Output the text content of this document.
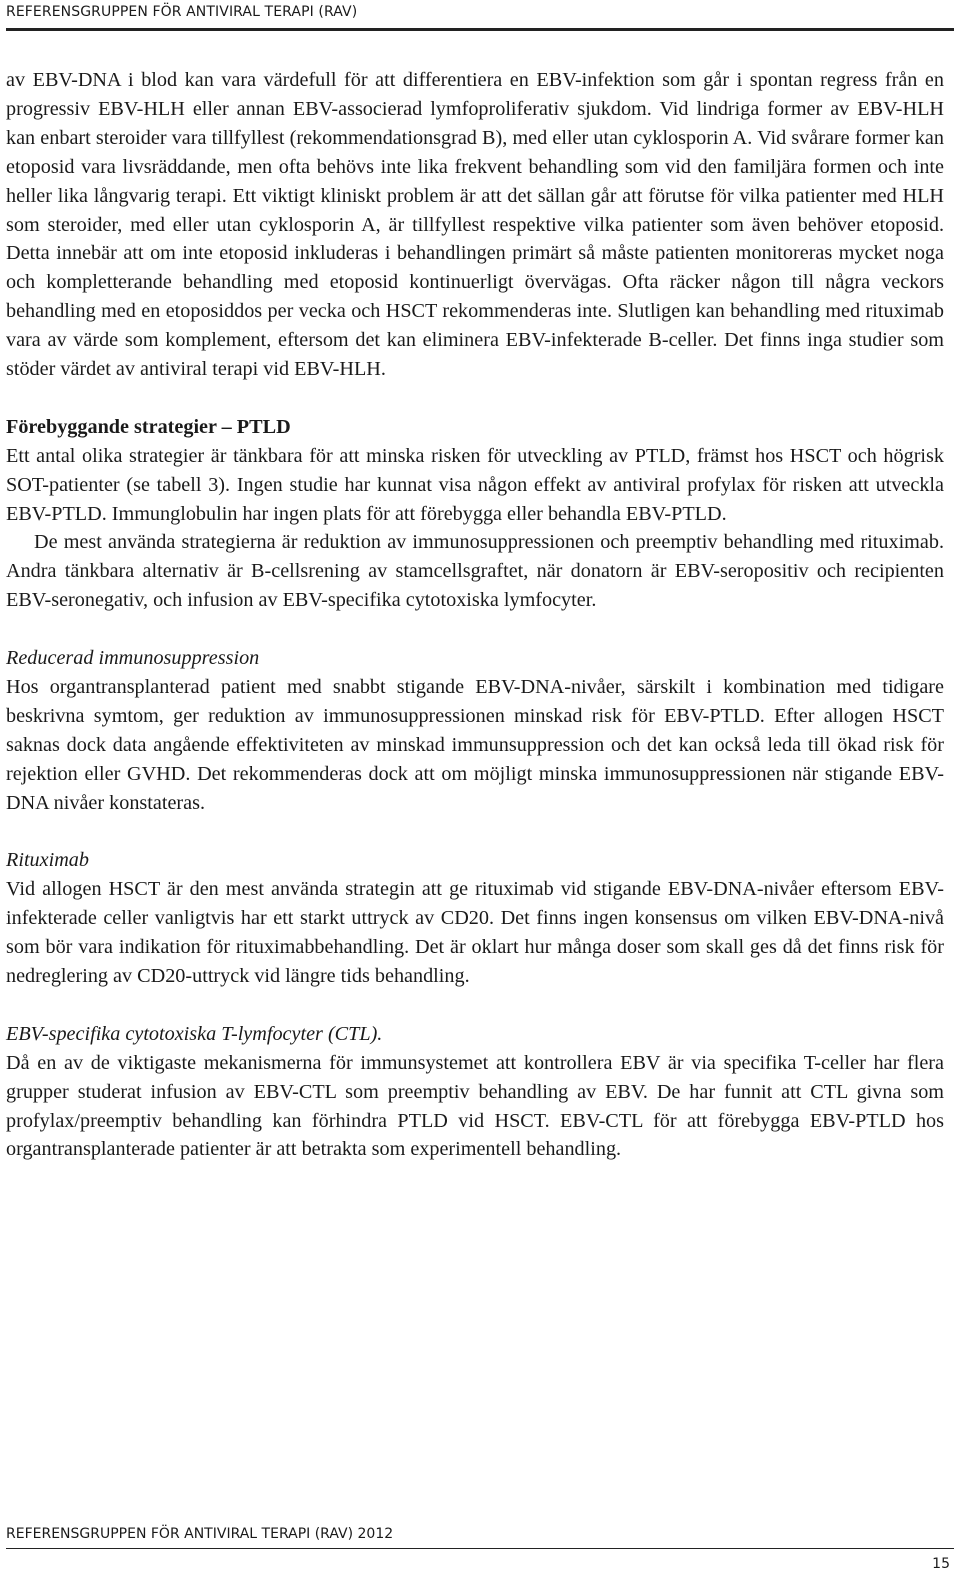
REFERENSGRUPPEN FÖR ANTIVIRAL TERAPI (RAV)

av EBV-DNA i blod kan vara värdefull för att differentiera en EBV-infektion som går i spontan regress från en progressiv EBV-HLH eller annan EBV-associerad lymfoproliferativ sjukdom. Vid lindriga former av EBV-HLH kan enbart steroider vara tillfyllest (rekommendationsgrad B), med eller utan cyklosporin A. Vid svårare former kan etoposid vara livsräddande, men ofta behövs inte lika frekvent behandling som vid den familjära formen och inte heller lika långvarig terapi. Ett viktigt kliniskt problem är att det sällan går att förutse för vilka patienter med HLH som steroider, med eller utan cyklosporin A, är tillfyllest respektive vilka patienter som även behöver etoposid. Detta innebär att om inte etoposid inkluderas i behandlingen primärt så måste patienten monitoreras mycket noga och kompletterande behandling med etoposid kontinuerligt övervägas. Ofta räcker någon till några veckors behandling med en etoposiddos per vecka och HSCT rekommenderas inte. Slutligen kan behandling med rituximab vara av värde som komplement, eftersom det kan eliminera EBV-infekterade B-celler. Det finns inga studier som stöder värdet av antiviral terapi vid EBV-HLH.

Förebyggande strategier – PTLD

Ett antal olika strategier är tänkbara för att minska risken för utveckling av PTLD, främst hos HSCT och högrisk SOT-patienter (se tabell 3). Ingen studie har kunnat visa någon effekt av antiviral profylax för risken att utveckla EBV-PTLD. Immunglobulin har ingen plats för att förebygga eller behandla EBV-PTLD.

De mest använda strategierna är reduktion av immunosuppressionen och preemptiv behandling med rituximab. Andra tänkbara alternativ är B-cellsrening av stamcellsgraftet, när donatorn är EBV-seropositiv och recipienten EBV-seronegativ, och infusion av EBV-specifika cytotoxiska lymfocyter.

Reducerad immunosuppression

Hos organtransplanterad patient med snabbt stigande EBV-DNA-nivåer, särskilt i kombination med tidigare beskrivna symtom, ger reduktion av immunosuppressionen minskad risk för EBV-PTLD. Efter allogen HSCT saknas dock data angående effektiviteten av minskad immunsuppression och det kan också leda till ökad risk för rejektion eller GVHD. Det rekommenderas dock att om möjligt minska immunosuppressionen när stigande EBV-DNA nivåer konstateras.

Rituximab

Vid allogen HSCT är den mest använda strategin att ge rituximab vid stigande EBV-DNA-nivåer eftersom EBV-infekterade celler vanligtvis har ett starkt uttryck av CD20. Det finns ingen konsensus om vilken EBV-DNA-nivå som bör vara indikation för rituximabbehandling. Det är oklart hur många doser som skall ges då det finns risk för nedreglering av CD20-uttryck vid längre tids behandling.

EBV-specifika cytotoxiska T-lymfocyter (CTL).

Då en av de viktigaste mekanismerna för immunsystemet att kontrollera EBV är via specifika T-celler har flera grupper studerat infusion av EBV-CTL som preemptiv behandling av EBV. De har funnit att CTL givna som profylax/preemptiv behandling kan förhindra PTLD vid HSCT. EBV-CTL för att förebygga EBV-PTLD hos organtransplanterade patienter är att betrakta som experimentell behandling.

REFERENSGRUPPEN FÖR ANTIVIRAL TERAPI (RAV) 2012
15
